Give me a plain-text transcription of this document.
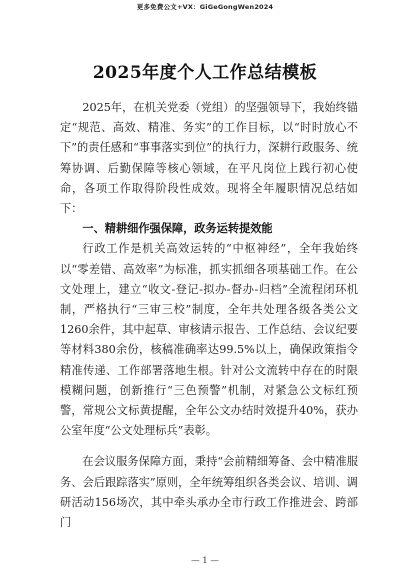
更多免费公文+VX：GiGeGongWen2024
2025年度个人工作总结模板

2025年，在机关党委（党组）的坚强领导下，我始终锚定“规范、高效、精准、务实”的工作目标，以“时时放心不下”的责任感和“事事落实到位”的执行力，深耕行政服务、统筹协调、后勤保障等核心领域，在平凡岗位上践行初心使命，各项工作取得阶段性成效。现将全年履职情况总结如下：

一、精耕细作强保障，政务运转提效能

行政工作是机关高效运转的“中枢神经”，全年我始终以“零差错、高效率”为标准，抓实抓细各项基础工作。在公文处理上，建立“收文-登记-拟办-督办-归档”全流程闭环机制，严格执行“三审三校”制度，全年共处理各级各类公文1260余件，其中起草、审核请示报告、工作总结、会议纪要等材料380余份，核稿准确率达99.5%以上，确保政策指令精准传递、工作部署落地生根。针对公文流转中存在的时限模糊问题，创新推行“三色预警”机制，对紧急公文标红预警，常规公文标黄提醒，全年公文办结时效提升40%，获办公室年度“公文处理标兵”表彰。

在会议服务保障方面，秉持“会前精细筹备、会中精准服务、会后跟踪落实”原则，全年统筹组织各类会议、培训、调研活动156场次，其中牵头承办全市行政工作推进会、跨部门

— 1 —
